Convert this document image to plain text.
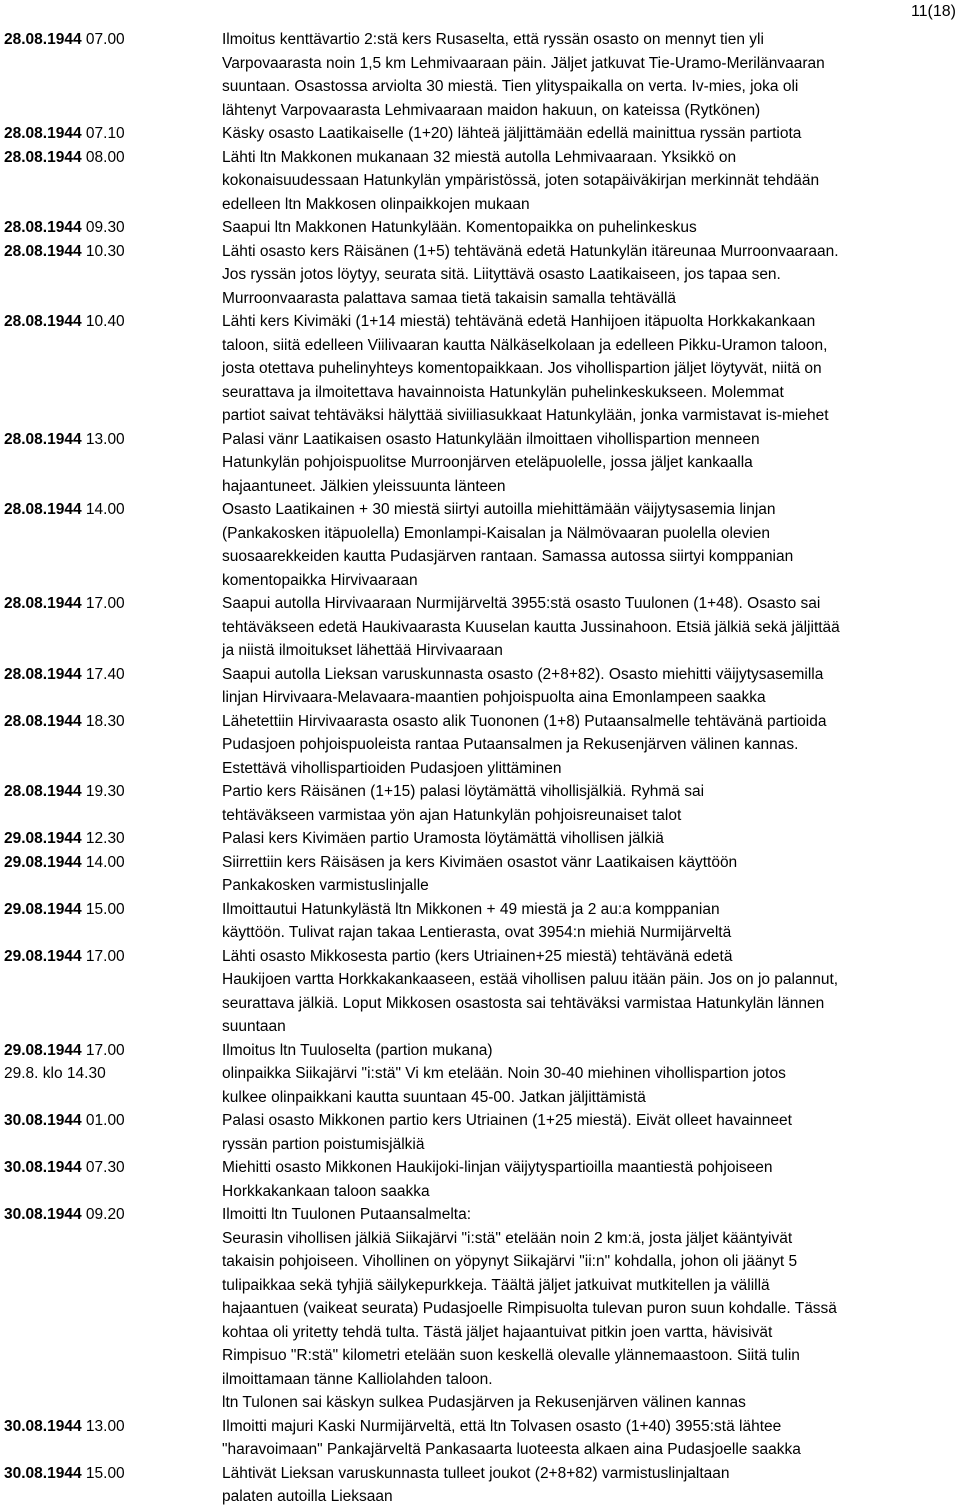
11(18)
28.08.1944 07.00	Ilmoitus kenttävartio 2:stä kers Rusaselta, että ryssän osasto on mennyt tien yli
Varpovaarasta noin 1,5 km Lehmivaaraan päin. Jäljet jatkuvat Tie-Uramo-Merilänvaaran
suuntaan. Osastossa arviolta 30 miestä. Tien ylityspaikalla on verta. Iv-mies, joka oli
lähtenyt Varpovaarasta Lehmivaaraan maidon hakuun, on kateissa (Rytkönen)
28.08.1944 07.10	Käsky osasto Laatikaiselle (1+20) lähteä jäljittämään edellä mainittua ryssän partiota
28.08.1944 08.00	Lähti ltn Makkonen mukanaan 32 miestä autolla Lehmivaaraan. Yksikkö on
kokonaisuudessaan Hatunkylän ympäristössä, joten sotapäiväkirjan merkinnät tehdään
edelleen ltn Makkosen olinpaikkojen mukaan
28.08.1944 09.30	Saapui ltn Makkonen Hatunkylään. Komentopaikka on puhelinkeskus
28.08.1944 10.30	Lähti osasto kers Räisänen (1+5) tehtävänä edetä Hatunkylän itäreunaa Murroonvaaraan.
Jos ryssän jotos löytyy, seurata sitä. Liityttävä osasto Laatikaiseen, jos tapaa sen.
Murroonvaarasta palattava samaa tietä takaisin samalla tehtävällä
28.08.1944 10.40	Lähti kers Kivimäki (1+14 miestä) tehtävänä edetä Hanhijoen itäpuolta Horkkakankaan
taloon, siitä edelleen Viilivaaran kautta Nälkäselkolaan ja edelleen Pikku-Uramon taloon,
josta otettava puhelinyhteys komentopaikkaan. Jos vihollispartion jäljet löytyvät, niitä on
seurattava ja ilmoitettava havainnoista Hatunkylän puhelinkeskukseen. Molemmat
partiot saivat tehtäväksi hälyttää siviiliasukkaat Hatunkylään, jonka varmistavat is-miehet
28.08.1944 13.00	Palasi vänr Laatikaisen osasto Hatunkylään ilmoittaen vihollispartion menneen
Hatunkylän pohjoispuolitse Murroonjärven eteläpuolelle, jossa jäljet kankaalla
hajaantuneet. Jälkien yleissuunta länteen
28.08.1944 14.00	Osasto Laatikainen + 30 miestä siirtyi autoilla miehittämään väijytysasemia linjan
(Pankakosken itäpuolella) Emonlampi-Kaisalan ja Nälmövaaran puolella olevien
suosaarekkeiden kautta Pudasjärven rantaan. Samassa autossa siirtyi komppanian
komentopaikka Hirvivaaraan
28.08.1944 17.00	Saapui autolla Hirvivaaraan Nurmijärveltä 3955:stä osasto Tuulonen (1+48). Osasto sai
tehtäväkseen edetä Haukivaarasta Kuuselan kautta Jussinahoon. Etsiä jälkiä sekä jäljittää
ja niistä ilmoitukset lähettää Hirvivaaraan
28.08.1944 17.40	Saapui autolla Lieksan varuskunnasta osasto (2+8+82). Osasto miehitti väijytysasemilla
linjan Hirvivaara-Melavaara-maantien pohjoispuolta aina Emonlampeen saakka
28.08.1944 18.30	Lähetettiin Hirvivaarasta osasto alik Tuononen (1+8) Putaansalmelle tehtävänä partioida
Pudasjoen pohjoispuoleista rantaa Putaansalmen ja Rekusenjärven välinen kannas.
Estettävä vihollispartioiden Pudasjoen ylittäminen
28.08.1944 19.30	Partio kers Räisänen (1+15) palasi löytämättä vihollisjälkiä. Ryhmä sai
tehtäväkseen varmistaa yön ajan Hatunkylän pohjoisreunaiset talot
29.08.1944 12.30	Palasi kers Kivimäen partio Uramosta löytämättä vihollisen jälkiä
29.08.1944 14.00	Siirrettiin kers Räisäsen ja kers Kivimäen osastot vänr Laatikaisen käyttöön
Pankakosken varmistuslinjalle
29.08.1944 15.00	Ilmoittautui Hatunkylästä ltn Mikkonen + 49 miestä ja 2 au:a komppanian
käyttöön. Tulivat rajan takaa Lentierasta, ovat 3954:n miehiä Nurmijärveltä
29.08.1944 17.00	Lähti osasto Mikkosesta partio (kers Utriainen+25 miestä) tehtävänä edetä
Haukijoen vartta Horkkakankaaseen, estää vihollisen paluu itään päin. Jos on jo palannut,
seurattava jälkiä. Loput Mikkosen osastosta sai tehtäväksi varmistaa Hatunkylän lännen
suuntaan
29.08.1944 17.00	Ilmoitus ltn Tuuloselta (partion mukana)
29.8. klo 14.30	olinpaikka Siikajärvi "i:stä" Vi km etelään. Noin 30-40 miehinen vihollispartion jotos
kulkee olinpaikkani kautta suuntaan 45-00. Jatkan jäljittämistä
30.08.1944 01.00	Palasi osasto Mikkonen partio kers Utriainen (1+25 miestä). Eivät olleet havainneet
ryssän partion poistumisjälkiä
30.08.1944 07.30	Miehitti osasto Mikkonen Haukijoki-linjan väijytyspartioilla maantiestä pohjoiseen
Horkkakankaan taloon saakka
30.08.1944 09.20	Ilmoitti ltn Tuulonen Putaansalmelta:
Seurasin vihollisen jälkiä Siikajärvi "i:stä" etelään noin 2 km:ä, josta jäljet kääntyivät
takaisin pohjoiseen. Vihollinen on yöpynyt Siikajärvi "ii:n" kohdalla, johon oli jäänyt 5
tulipaikkaa sekä tyhjiä säilykepurkkeja. Täältä jäljet jatkuivat mutkitellen ja välillä
hajaantuen (vaikeat seurata) Pudasjoelle Rimpisuolta tulevan puron suun kohdalle. Tässä
kohtaa oli yritetty tehdä tulta. Tästä jäljet hajaantuivat pitkin joen vartta, hävisivät
Rimpisuo "R:stä" kilometri etelään suon keskellä olevalle ylännemaastoon. Siitä tulin
ilmoittamaan tänne Kalliolahden taloon.
ltn Tulonen sai käskyn sulkea Pudasjärven ja Rekusenjärven välinen kannas
30.08.1944 13.00	Ilmoitti majuri Kaski Nurmijärveltä, että ltn Tolvasen osasto (1+40) 3955:stä lähtee
"haravoimaan" Pankajärveltä Pankasaarta luoteesta alkaen aina Pudasjoelle saakka
30.08.1944 15.00	Lähtivät Lieksan varuskunnasta tulleet joukot (2+8+82) varmistuslinjaltaan
palaten autoilla Lieksaan
